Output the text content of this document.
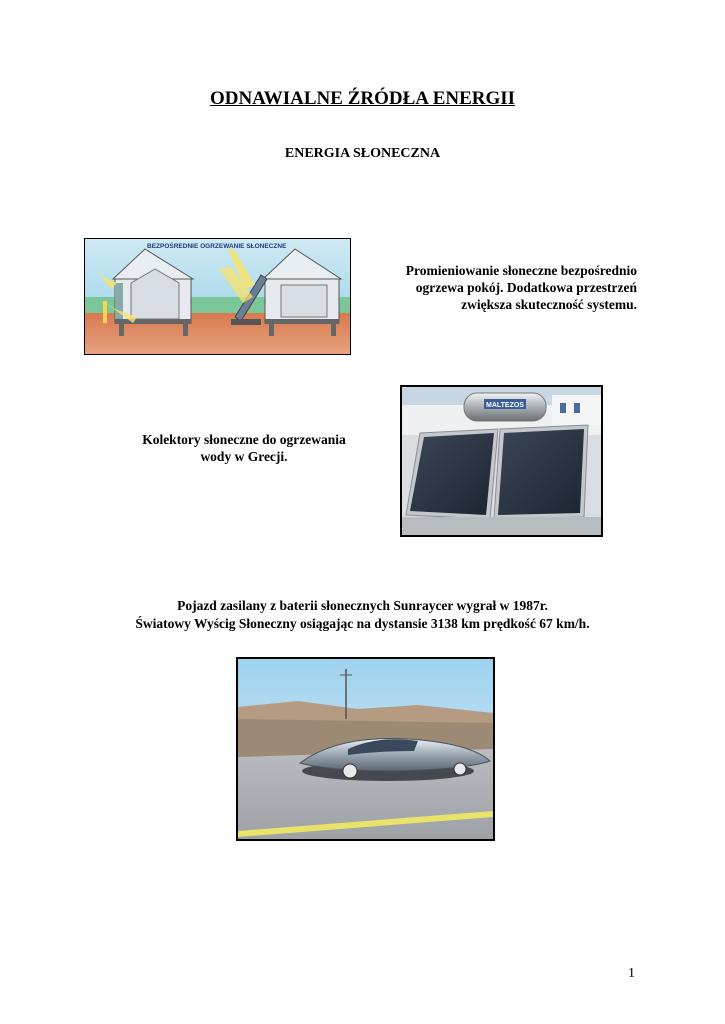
ODNAWIALNE ŹRÓDŁA ENERGII
ENERGIA SŁONECZNA
BEZPOŚREDNIE OGRZEWANIE SŁONECZNE
Promieniowanie słoneczne bezpośrednio
ogrzewa pokój. Dodatkowa przestrzeń
zwiększa skuteczność systemu.
Kolektory słoneczne do ogrzewania
wody w Grecji.
MALTEZOS
Pojazd zasilany z baterii słonecznych Sunraycer wygrał w 1987r.
Światowy Wyścig Słoneczny osiągając na dystansie 3138 km prędkość 67 km/h.
1
